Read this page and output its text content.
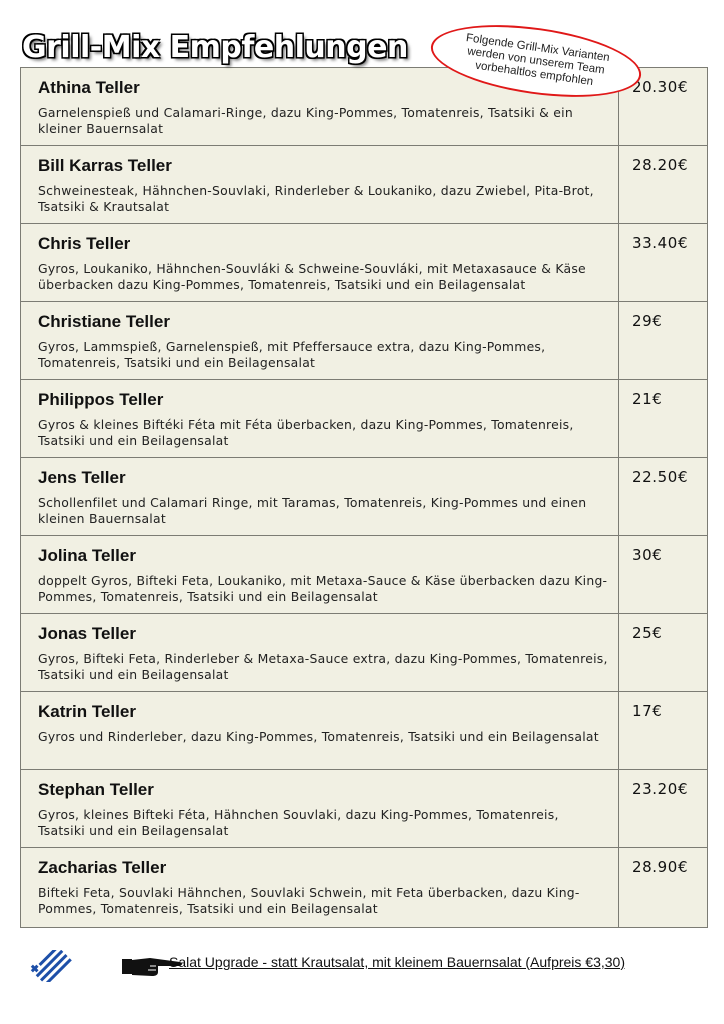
Grill-Mix Empfehlungen	Folgende Grill-Mix Varianten werden von unserem Team vorbehaltlos empfohlen
Athina Teller
Garnelenspieß und Calamari-Ringe, dazu King-Pommes, Tomatenreis, Tsatsiki & ein kleiner Bauernsalat
20.30€
Bill Karras Teller
Schweinesteak, Hähnchen-Souvlaki, Rinderleber & Loukaniko, dazu Zwiebel, Pita-Brot, Tsatsiki & Krautsalat
28.20€
Chris Teller
Gyros, Loukaniko, Hähnchen-Souvláki & Schweine-Souvláki, mit Metaxasauce & Käse überbacken dazu King-Pommes, Tomatenreis, Tsatsiki und ein Beilagensalat
33.40€
Christiane Teller
Gyros, Lammspieß, Garnelenspieß, mit Pfeffersauce extra, dazu King-Pommes, Tomatenreis, Tsatsiki und ein Beilagensalat
29€
Philippos Teller
Gyros & kleines Biftéki Féta mit Féta überbacken, dazu King-Pommes, Tomatenreis, Tsatsiki und ein Beilagensalat
21€
Jens Teller
Schollenfilet und Calamari Ringe, mit Taramas, Tomatenreis, King-Pommes und einen kleinen Bauernsalat
22.50€
Jolina Teller
doppelt Gyros, Bifteki Feta, Loukaniko, mit Metaxa-Sauce & Käse überbacken dazu King-Pommes, Tomatenreis, Tsatsiki und ein Beilagensalat
30€
Jonas Teller
Gyros, Bifteki Feta, Rinderleber & Metaxa-Sauce extra, dazu King-Pommes, Tomatenreis, Tsatsiki und ein Beilagensalat
25€
Katrin Teller
Gyros und Rinderleber, dazu King-Pommes, Tomatenreis, Tsatsiki und ein Beilagensalat
17€
Stephan Teller
Gyros, kleines Bifteki Féta, Hähnchen Souvlaki, dazu King-Pommes, Tomatenreis, Tsatsiki und ein Beilagensalat
23.20€
Zacharias Teller
Bifteki Feta, Souvlaki Hähnchen, Souvlaki Schwein, mit Feta überbacken, dazu King-Pommes, Tomatenreis, Tsatsiki und ein Beilagensalat
28.90€
Salat Upgrade - statt Krautsalat, mit kleinem Bauernsalat (Aufpreis €3,30)
